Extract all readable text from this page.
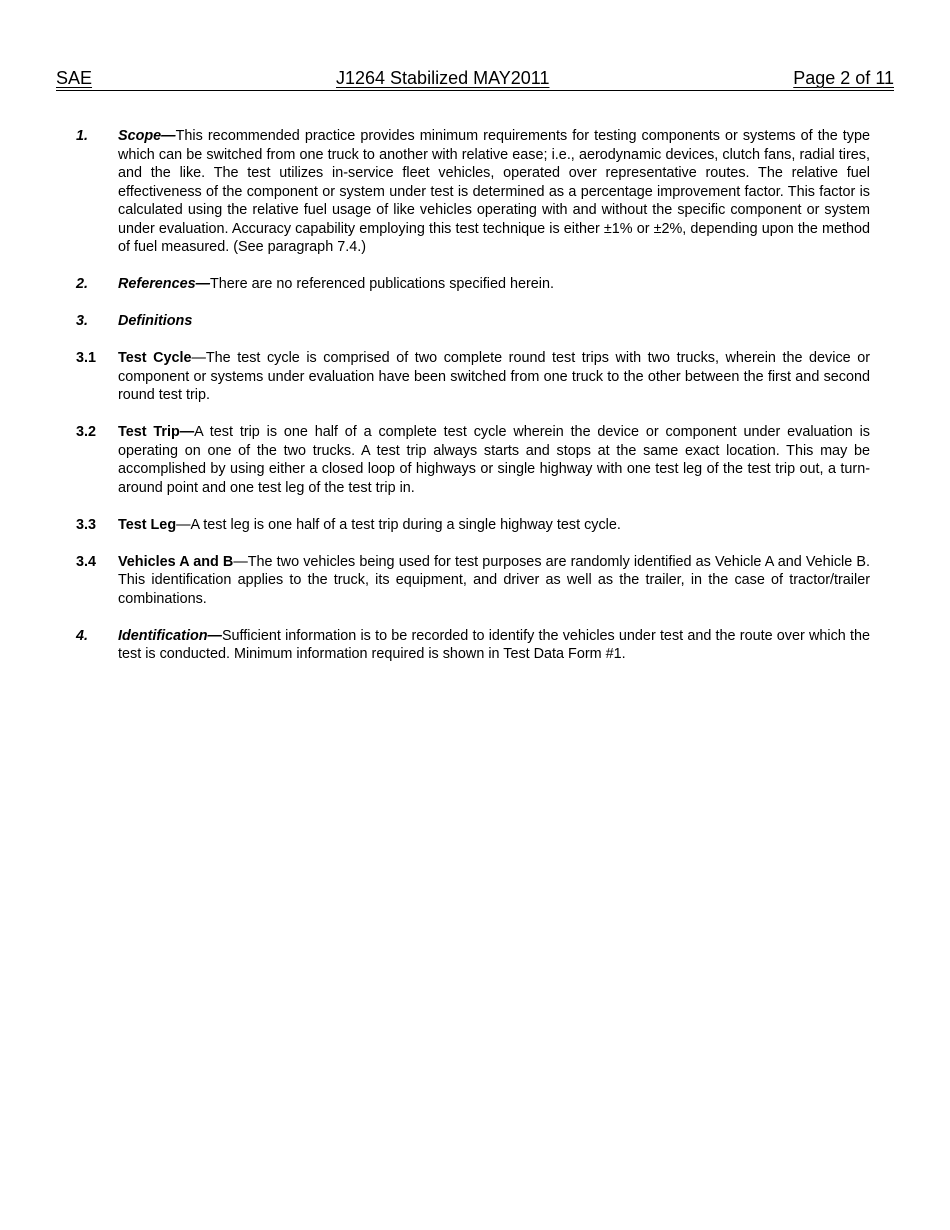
SAE	J1264 Stabilized MAY2011	Page 2 of 11
1. Scope—This recommended practice provides minimum requirements for testing components or systems of the type which can be switched from one truck to another with relative ease; i.e., aerodynamic devices, clutch fans, radial tires, and the like. The test utilizes in-service fleet vehicles, operated over representative routes. The relative fuel effectiveness of the component or system under test is determined as a percentage improvement factor. This factor is calculated using the relative fuel usage of like vehicles operating with and without the specific component or system under evaluation. Accuracy capability employing this test technique is either ±1% or ±2%, depending upon the method of fuel measured. (See paragraph 7.4.)
2. References—There are no referenced publications specified herein.
3. Definitions
3.1 Test Cycle—The test cycle is comprised of two complete round test trips with two trucks, wherein the device or component or systems under evaluation have been switched from one truck to the other between the first and second round test trip.
3.2 Test Trip—A test trip is one half of a complete test cycle wherein the device or component under evaluation is operating on one of the two trucks. A test trip always starts and stops at the same exact location. This may be accomplished by using either a closed loop of highways or single highway with one test leg of the test trip out, a turn-around point and one test leg of the test trip in.
3.3 Test Leg—A test leg is one half of a test trip during a single highway test cycle.
3.4 Vehicles A and B—The two vehicles being used for test purposes are randomly identified as Vehicle A and Vehicle B. This identification applies to the truck, its equipment, and driver as well as the trailer, in the case of tractor/trailer combinations.
4. Identification—Sufficient information is to be recorded to identify the vehicles under test and the route over which the test is conducted. Minimum information required is shown in Test Data Form #1.
